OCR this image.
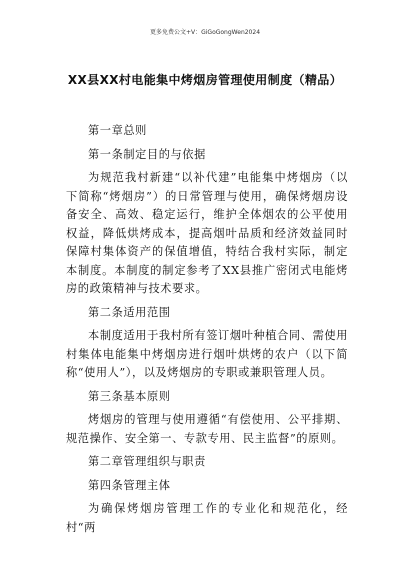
更多免费公文+V：GiGoGongWen2024
XX县XX村电能集中烤烟房管理使用制度（精品）

第一章总则

第一条制定目的与依据

为规范我村新建“以补代建”电能集中烤烟房（以下简称“烤烟房”）的日常管理与使用，确保烤烟房设备安全、高效、稳定运行，维护全体烟农的公平使用权益，降低烘烤成本，提高烟叶品质和经济效益同时保障村集体资产的保值增值，特结合我村实际，制定本制度。本制度的制定参考了XX县推广密闭式电能烤房的政策精神与技术要求。

第二条适用范围

本制度适用于我村所有签订烟叶种植合同、需使用村集体电能集中烤烟房进行烟叶烘烤的农户（以下简称“使用人”），以及烤烟房的专职或兼职管理人员。

第三条基本原则

烤烟房的管理与使用遵循“有偿使用、公平排期、规范操作、安全第一、专款专用、民主监督”的原则。

第二章管理组织与职责

第四条管理主体

为确保烤烟房管理工作的专业化和规范化，经村“两
